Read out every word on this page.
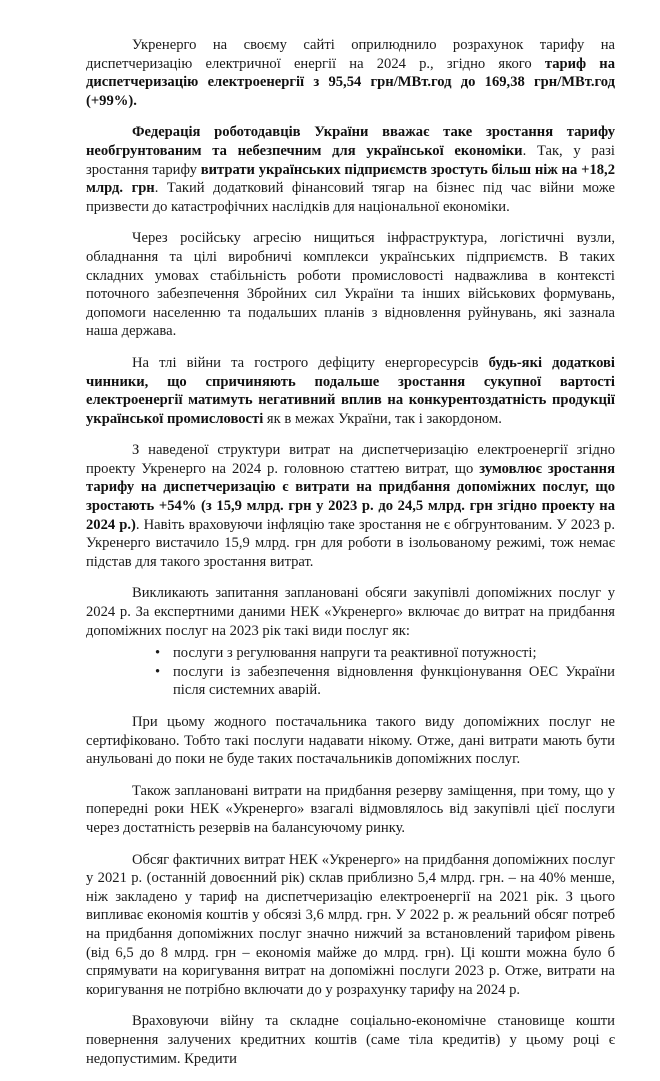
Укренерго на своєму сайті оприлюднило розрахунок тарифу на диспетчеризацію електричної енергії на 2024 р., згідно якого тариф на диспетчеризацію електроенергії з 95,54 грн/МВт.год до 169,38 грн/МВт.год (+99%).

Федерація роботодавців України вважає таке зростання тарифу необгрунтованим та небезпечним для української економіки. Так, у разі зростання тарифу витрати українських підприємств зростуть більш ніж на +18,2 млрд. грн. Такий додатковий фінансовий тягар на бізнес під час війни може призвести до катастрофічних наслідків для національної економіки.

Через російську агресію нищиться інфраструктура, логістичні вузли, обладнання та цілі виробничі комплекси українських підприємств. В таких складних умовах стабільність роботи промисловості надважлива в контексті поточного забезпечення Збройних сил України та інших військових формувань, допомоги населенню та подальших планів з відновлення руйнувань, які зазнала наша держава.

На тлі війни та гострого дефіциту енергоресурсів будь-які додаткові чинники, що спричиняють подальше зростання сукупної вартості електроенергії матимуть негативний вплив на конкурентоздатність продукції української промисловості як в межах України, так і закордоном.

З наведеної структури витрат на диспетчеризацію електроенергії згідно проекту Укренерго на 2024 р. головною статтею витрат, що зумовлює зростання тарифу на диспетчеризацію є витрати на придбання допоміжних послуг, що зростають +54% (з 15,9 млрд. грн у 2023 р. до 24,5 млрд. грн згідно проекту на 2024 р.). Навіть враховуючи інфляцію таке зростання не є обгрунтованим. У 2023 р. Укренерго вистачило 15,9 млрд. грн для роботи в ізольованому режимі, тож немає підстав для такого зростання витрат.

Викликають запитання заплановані обсяги закупівлі допоміжних послуг у 2024 р. За експертними даними НЕК «Укренерго» включає до витрат на придбання допоміжних послуг на 2023 рік такі види послуг як:

• послуги з регулювання напруги та реактивної потужності;
• послуги із забезпечення відновлення функціонування ОЕС України після системних аварій.

При цьому жодного постачальника такого виду допоміжних послуг не сертифіковано. Тобто такі послуги надавати нікому. Отже, дані витрати мають бути анульовані до поки не буде таких постачальників допоміжних послуг.

Також заплановані витрати на придбання резерву заміщення, при тому, що у попередні роки НЕК «Укренерго» взагалі відмовлялось від закупівлі цієї послуги через достатність резервів на балансуючому ринку.

Обсяг фактичних витрат НЕК «Укренерго» на придбання допоміжних послуг у 2021 р. (останній довоєнний рік) склав приблизно 5,4 млрд. грн. – на 40% менше, ніж закладено у тариф на диспетчеризацію електроенергії на 2021 рік. З цього випливає економія коштів у обсязі 3,6 млрд. грн. У 2022 р. ж реальний обсяг потреб на придбання допоміжних послуг значно нижчий за встановлений тарифом рівень (від 6,5 до 8 млрд. грн – економія майже до млрд. грн). Ці кошти можна було б спрямувати на коригування витрат на допоміжні послуги 2023 р. Отже, витрати на коригування не потрібно включати до у розрахунку тарифу на 2024 р.

Враховуючи війну та складне соціально-економічне становище кошти повернення залучених кредитних коштів (саме тіла кредитів) у цьому році є недопустимим. Кредити
